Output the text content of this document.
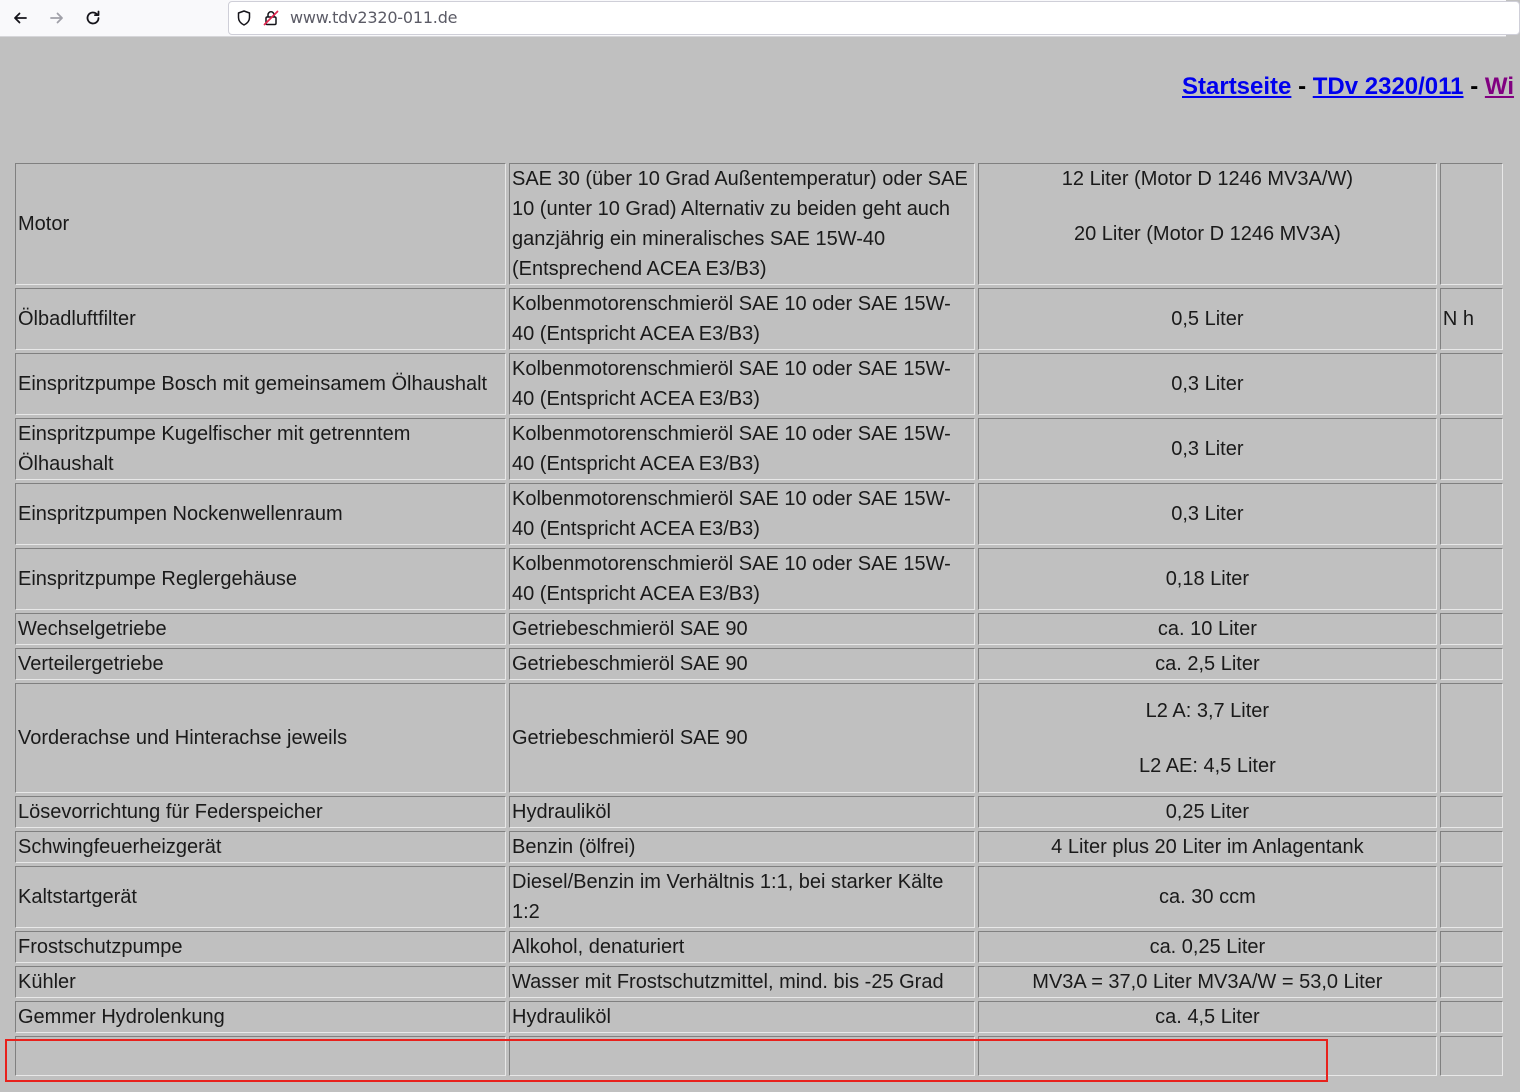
www.tdv2320-011.de
Startseite - TDv 2320/011 - Wi
Motor	SAE 30 (über 10 Grad Außentemperatur) oder SAE 10 (unter 10 Grad) Alternativ zu beiden geht auch ganzjährig ein mineralisches SAE 15W-40 (Entsprechend ACEA E3/B3)	12 Liter (Motor D 1246 MV3A/W)
20 Liter (Motor D 1246 MV3A)	

Ölbadluftfilter	Kolbenmotorenschmieröl SAE 10 oder SAE 15W-40 (Entspricht ACEA E3/B3)	0,5 Liter	N h
Einspritzpumpe Bosch mit gemeinsamem Ölhaushalt	Kolbenmotorenschmieröl SAE 10 oder SAE 15W-40 (Entspricht ACEA E3/B3)	0,3 Liter	

Einspritzpumpe Kugelfischer mit getrenntem Ölhaushalt	Kolbenmotorenschmieröl SAE 10 oder SAE 15W-40 (Entspricht ACEA E3/B3)	0,3 Liter	

Einspritzpumpen Nockenwellenraum	Kolbenmotorenschmieröl SAE 10 oder SAE 15W-40 (Entspricht ACEA E3/B3)	0,3 Liter	

Einspritzpumpe Reglergehäuse	Kolbenmotorenschmieröl SAE 10 oder SAE 15W-40 (Entspricht ACEA E3/B3)	0,18 Liter	

Wechselgetriebe	Getriebeschmieröl SAE 90	ca. 10 Liter	

Verteilergetriebe	Getriebeschmieröl SAE 90	ca. 2,5 Liter	

Vorderachse und Hinterachse jeweils	Getriebeschmieröl SAE 90	L2 A: 3,7 Liter
L2 AE: 4,5 Liter	

Lösevorrichtung für Federspeicher	Hydrauliköl	0,25 Liter	

Schwingfeuerheizgerät	Benzin (ölfrei)	4 Liter plus 20 Liter im Anlagentank	

Kaltstartgerät	Diesel/Benzin im Verhältnis 1:1, bei starker Kälte 1:2	ca. 30 ccm	

Frostschutzpumpe	Alkohol, denaturiert	ca. 0,25 Liter	

Kühler	Wasser mit Frostschutzmittel, mind. bis -25 Grad	MV3A = 37,0 Liter MV3A/W = 53,0 Liter	

Gemmer Hydrolenkung	Hydrauliköl	ca. 4,5 Liter	
